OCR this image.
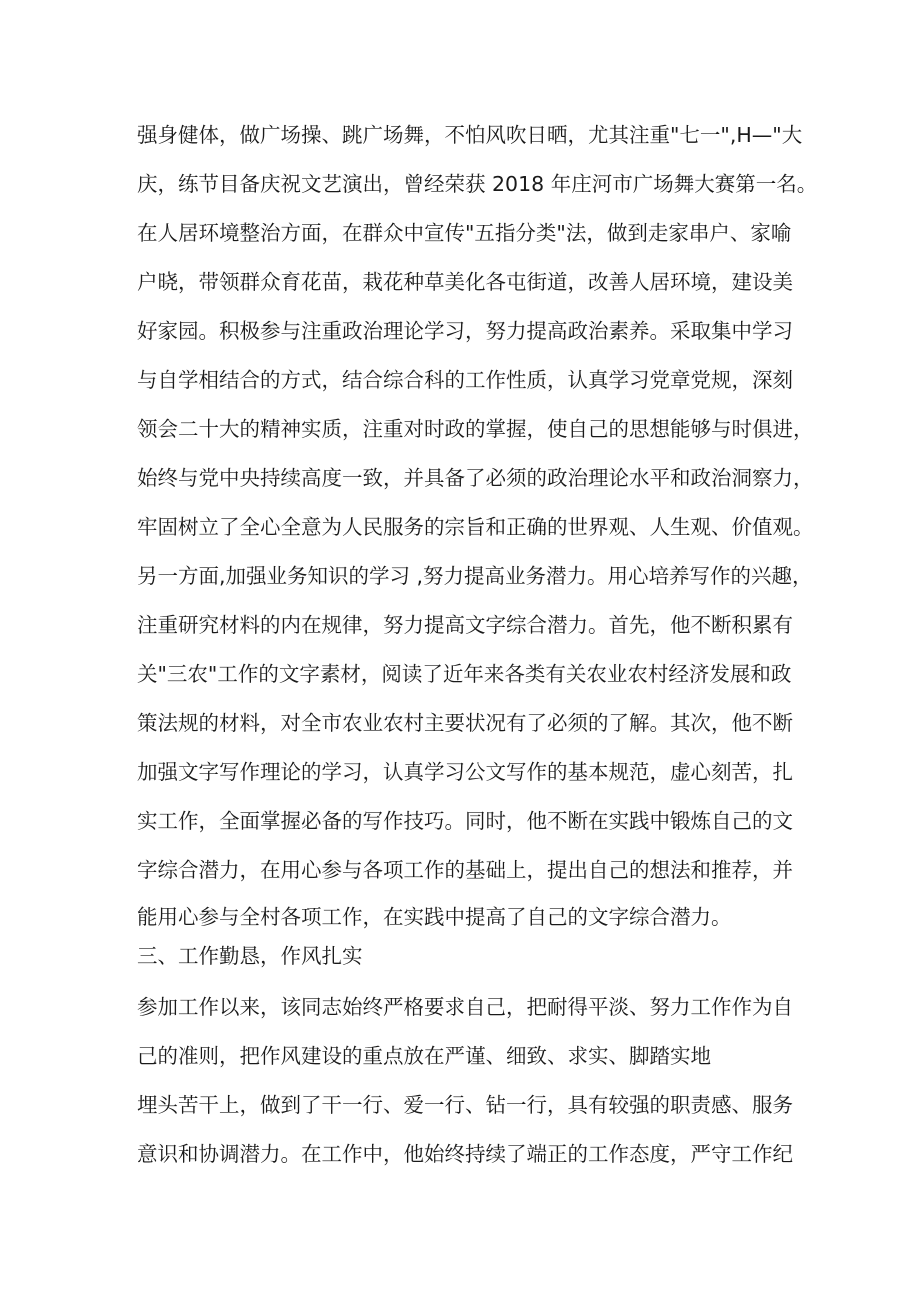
强身健体，做广场操、跳广场舞，不怕风吹日晒，尤其注重"七一",H—"大
庆，练节目备庆祝文艺演出，曾经荣获 2018 年庄河市广场舞大赛第一名。
在人居环境整治方面，在群众中宣传"五指分类"法，做到走家串户、家喻
户晓，带领群众育花苗，栽花种草美化各屯街道，改善人居环境，建设美
好家园。积极参与注重政治理论学习，努力提高政治素养。采取集中学习
与自学相结合的方式，结合综合科的工作性质，认真学习党章党规，深刻
领会二十大的精神实质，注重对时政的掌握，使自己的思想能够与时俱进，
始终与党中央持续高度一致，并具备了必须的政治理论水平和政治洞察力，
牢固树立了全心全意为人民服务的宗旨和正确的世界观、人生观、价值观。
另一方面,加强业务知识的学习 ,努力提高业务潜力。用心培养写作的兴趣，
注重研究材料的内在规律，努力提高文字综合潜力。首先，他不断积累有
关"三农"工作的文字素材，阅读了近年来各类有关农业农村经济发展和政
策法规的材料，对全市农业农村主要状况有了必须的了解。其次，他不断
加强文字写作理论的学习，认真学习公文写作的基本规范，虚心刻苦，扎
实工作，全面掌握必备的写作技巧。同时，他不断在实践中锻炼自己的文
字综合潜力，在用心参与各项工作的基础上，提出自己的想法和推荐，并
能用心参与全村各项工作，在实践中提高了自己的文字综合潜力。
三、工作勤恳，作风扎实
参加工作以来，该同志始终严格要求自己，把耐得平淡、努力工作作为自
己的准则，把作风建设的重点放在严谨、细致、求实、脚踏实地
埋头苦干上，做到了干一行、爱一行、钻一行，具有较强的职责感、服务
意识和协调潜力。在工作中，他始终持续了端正的工作态度，严守工作纪
